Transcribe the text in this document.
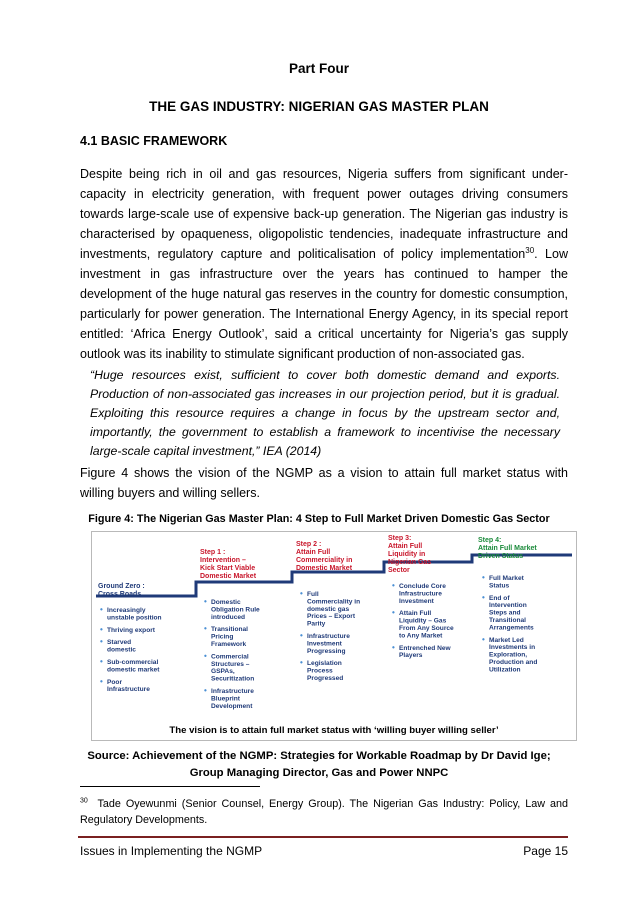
Part Four
THE GAS INDUSTRY: NIGERIAN GAS MASTER PLAN
4.1 BASIC FRAMEWORK
Despite being rich in oil and gas resources, Nigeria suffers from significant under-capacity in electricity generation, with frequent power outages driving consumers towards large-scale use of expensive back-up generation. The Nigerian gas industry is characterised by opaqueness, oligopolistic tendencies, inadequate infrastructure and investments, regulatory capture and politicalisation of policy implementation$^{30}$. Low investment in gas infrastructure over the years has continued to hamper the development of the huge natural gas reserves in the country for domestic consumption, particularly for power generation. The International Energy Agency, in its special report entitled: ‘Africa Energy Outlook’, said a critical uncertainty for Nigeria’s gas supply outlook was its inability to stimulate significant production of non-associated gas.
“Huge resources exist, sufficient to cover both domestic demand and exports. Production of non-associated gas increases in our projection period, but it is gradual. Exploiting this resource requires a change in focus by the upstream sector and, importantly, the government to establish a framework to incentivise the necessary large-scale capital investment,” IEA (2014)
Figure 4 shows the vision of the NGMP as a vision to attain full market status with willing buyers and willing sellers.
Figure 4: The Nigerian Gas Master Plan: 4 Step to Full Market Driven Domestic Gas Sector
Ground Zero : Cross Roads
• Increasingly unstable position
• Thriving export
• Starved domestic
• Sub-commercial domestic market
• Poor Infrastructure
Step 1 : Intervention – Kick Start Viable Domestic Market
• Domestic Obligation Rule introduced
• Transitional Pricing Framework
• Commercial Structures – GSPAs, Securitization
• Infrastructure Blueprint Development
Step 2 : Attain Full Commerciality in Domestic Market
• Full Commerciality in domestic gas Prices – Export Parity
• Infrastructure Investment Progressing
• Legislation Process Progressed
Step 3: Attain Full Liquidity in Nigerian Gas Sector
• Conclude Core Infrastructure Investment
• Attain Full Liquidity – Gas From Any Source to Any Market
• Entrenched New Players
Step 4: Attain Full Market Driven Status
• Full Market Status
• End of Intervention Steps and Transitional Arrangements
• Market Led Investments in Exploration, Production and Utilization
The vision is to attain full market status with ‘willing buyer willing seller’
Source: Achievement of the NGMP: Strategies for Workable Roadmap by Dr David Ige;
Group Managing Director, Gas and Power NNPC
$^{30}$ Tade Oyewunmi (Senior Counsel, Energy Group). The Nigerian Gas Industry: Policy, Law and Regulatory Developments.
Issues in Implementing the NGMP	Page 15
